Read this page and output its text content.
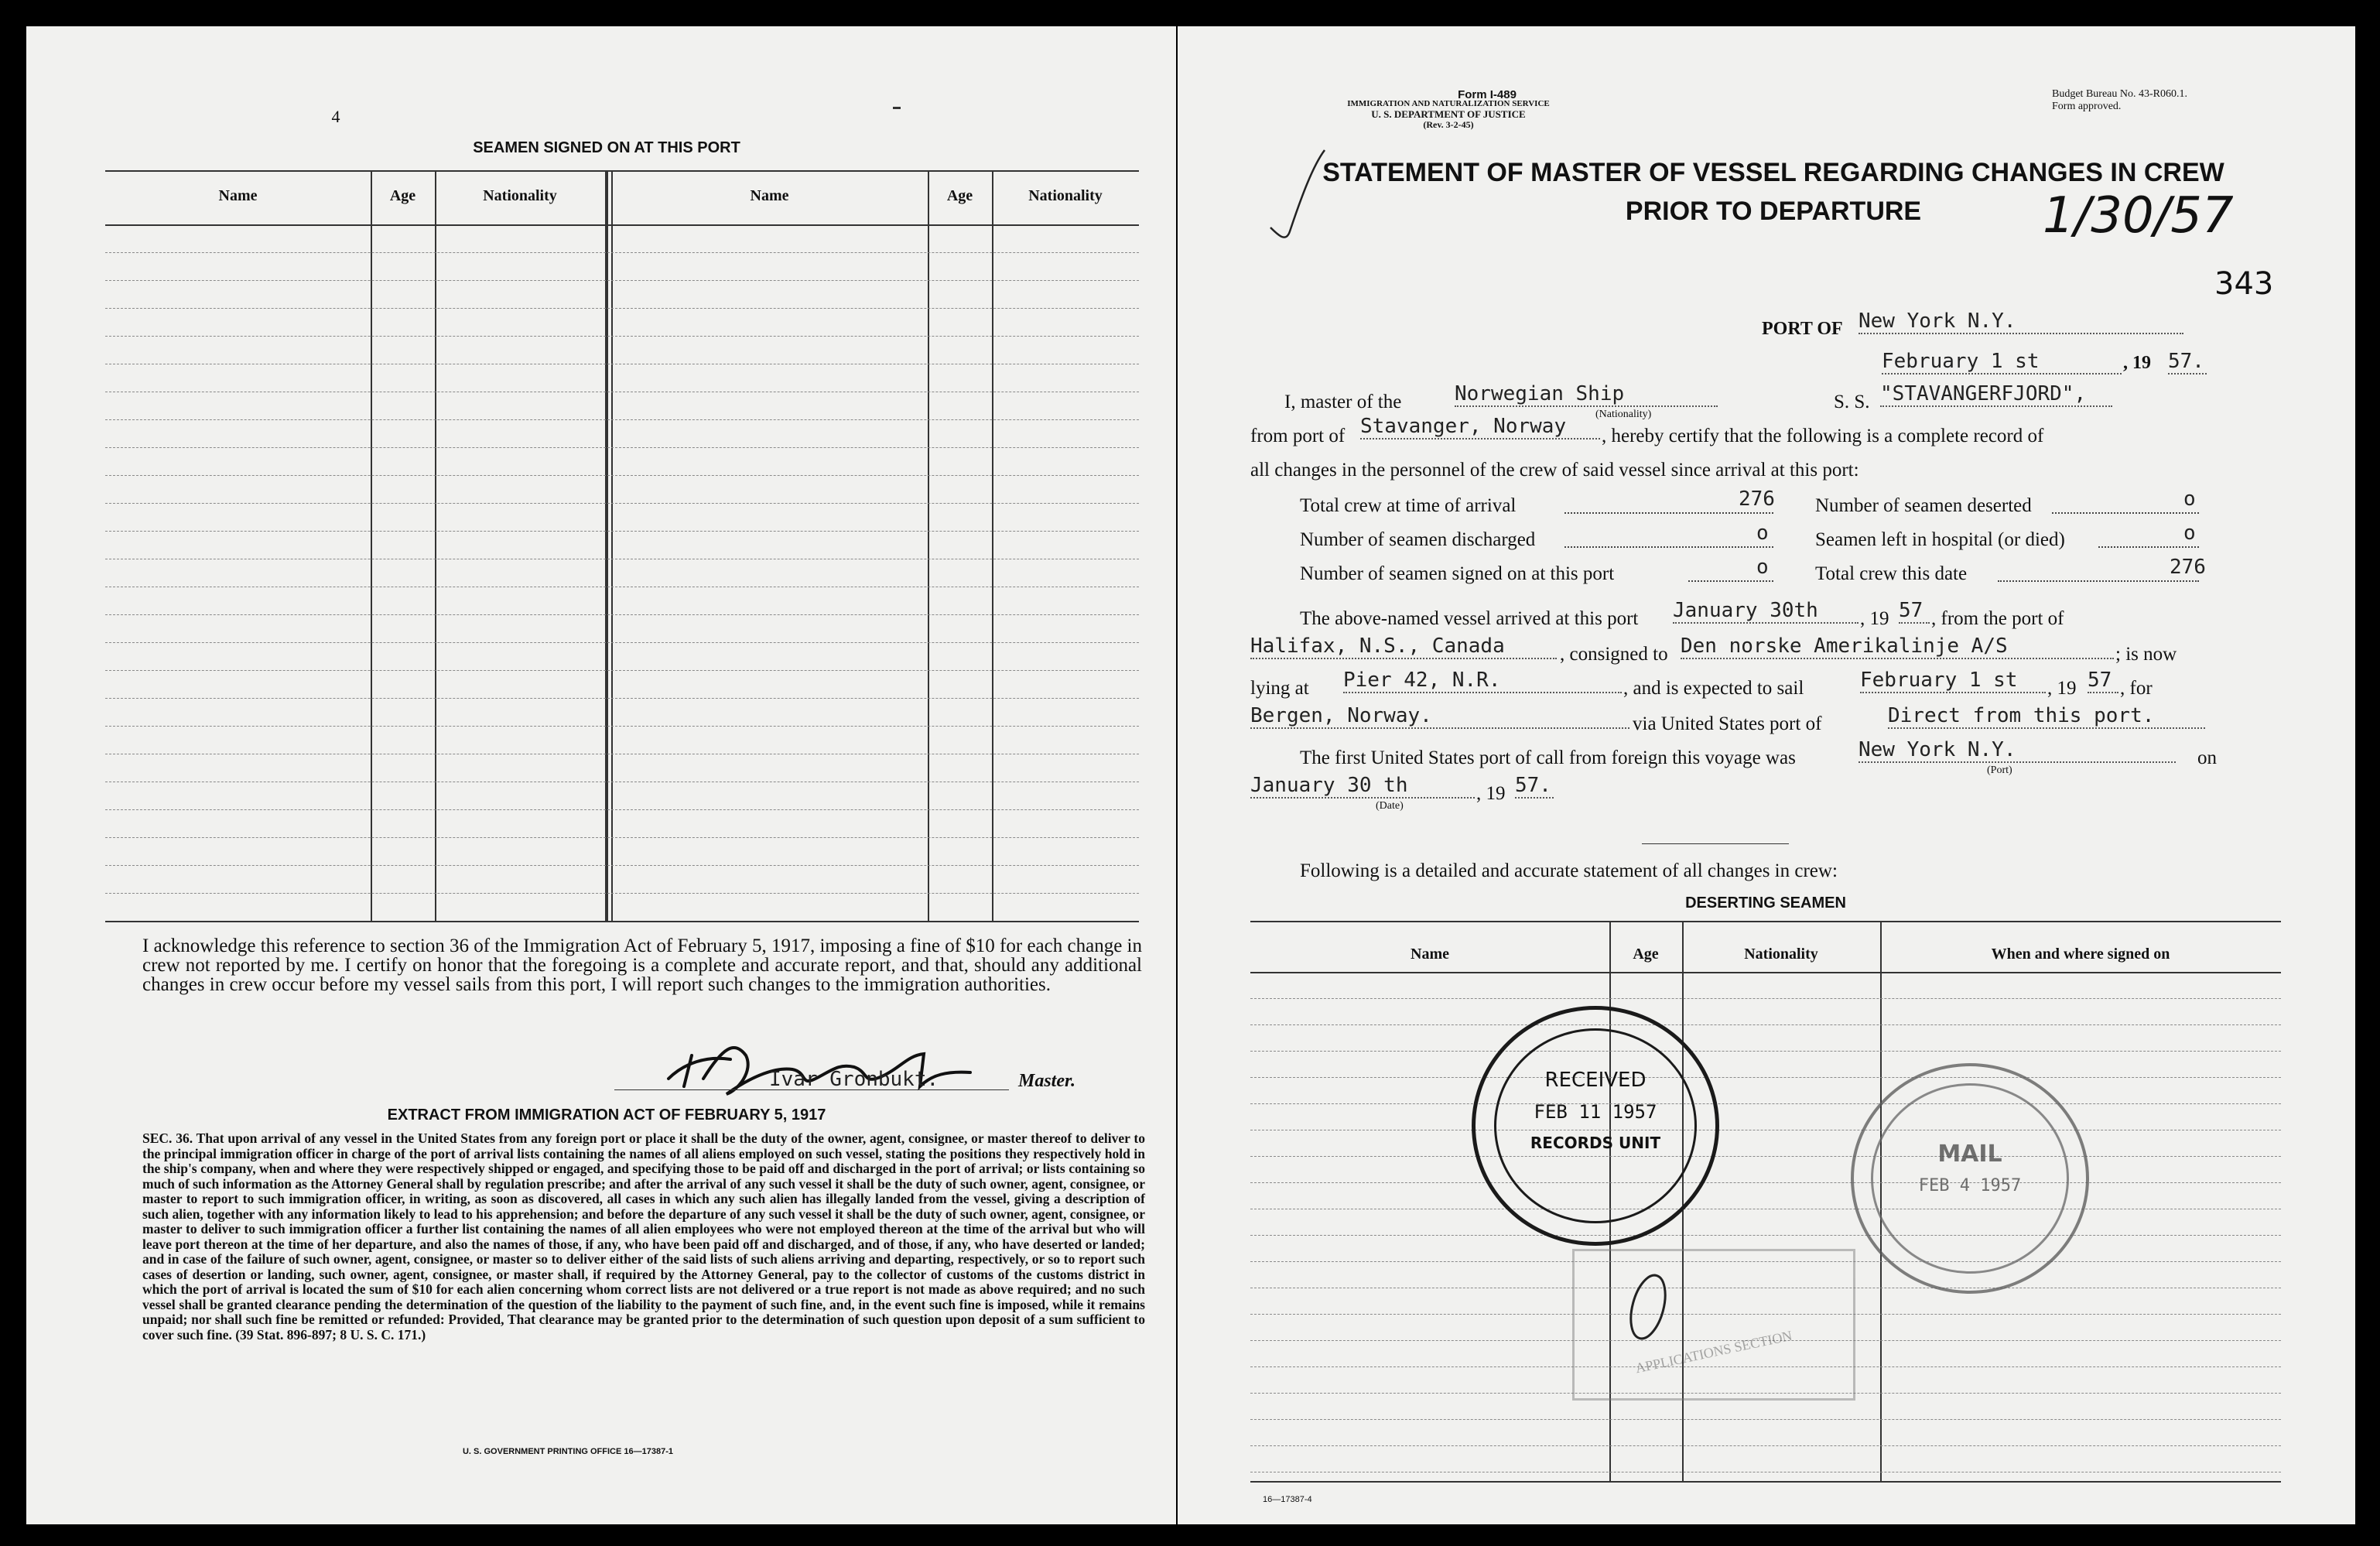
4
SEAMEN SIGNED ON AT THIS PORT
Name	Age	Nationality	Name	Age	Nationality
I acknowledge this reference to section 36 of the Immigration Act of February 5, 1917, imposing a fine of $10 for each change in crew not reported by me. I certify on honor that the foregoing is a complete and accurate report, and that, should any additional changes in crew occur before my vessel sails from this port, I will report such changes to the immigration authorities.
Ivar Gronbukt.	Master.
EXTRACT FROM IMMIGRATION ACT OF FEBRUARY 5, 1917
SEC. 36. That upon arrival of any vessel in the United States from any foreign port or place it shall be the duty of the owner, agent, consignee, or master thereof to deliver to the principal immigration officer in charge of the port of arrival lists containing the names of all aliens employed on such vessel, stating the positions they respectively hold in the ship's company, when and where they were respectively shipped or engaged, and specifying those to be paid off and discharged in the port of arrival; or lists containing so much of such information as the Attorney General shall by regulation prescribe; and after the arrival of any such vessel it shall be the duty of such owner, agent, consignee, or master to report to such immigration officer, in writing, as soon as discovered, all cases in which any such alien has illegally landed from the vessel, giving a description of such alien, together with any information likely to lead to his apprehension; and before the departure of any such vessel it shall be the duty of such owner, agent, consignee, or master to deliver to such immigration officer a further list containing the names of all alien employees who were not employed thereon at the time of the arrival but who will leave port thereon at the time of her departure, and also the names of those, if any, who have been paid off and discharged, and of those, if any, who have deserted or landed; and in case of the failure of such owner, agent, consignee, or master so to deliver either of the said lists of such aliens arriving and departing, respectively, or so to report such cases of desertion or landing, such owner, agent, consignee, or master shall, if required by the Attorney General, pay to the collector of customs of the customs district in which the port of arrival is located the sum of $10 for each alien concerning whom correct lists are not delivered or a true report is not made as above required; and no such vessel shall be granted clearance pending the determination of the question of the liability to the payment of such fine, and, in the event such fine is imposed, while it remains unpaid; nor shall such fine be remitted or refunded: Provided, That clearance may be granted prior to the determination of such question upon deposit of a sum sufficient to cover such fine. (39 Stat. 896-897; 8 U. S. C. 171.)
U. S. GOVERNMENT PRINTING OFFICE 16—17387-1
Form I-489
IMMIGRATION AND NATURALIZATION SERVICE
U. S. DEPARTMENT OF JUSTICE
(Rev. 3-2-45)
Budget Bureau No. 43-R060.1.
Form approved.
STATEMENT OF MASTER OF VESSEL REGARDING CHANGES IN CREW
PRIOR TO DEPARTURE	1/30/57
343
PORT OF New York N.Y.
February 1 st	, 19 57.
I, master of the	Norwegian Ship
(Nationality)
S. S. "STAVANGERFJORD",
from port of Stavanger, Norway	, hereby certify that the following is a complete record of
all changes in the personnel of the crew of said vessel since arrival at this port:
Total crew at time of arrival	276 Number of seamen deserted	o
Number of seamen discharged	o Seamen left in hospital (or died)	o
Number of seamen signed on at this port	o Total crew this date	276
The above-named vessel arrived at this port January 30th	, 19 57 , from the port of
Halifax, N.S., Canada	, consigned to Den norske Amerikalinje A/S	; is now
lying at Pier 42, N.R.	, and is expected to sail	February 1 st	, 19 57 , for
Bergen, Norway.	via United States port of	Direct from this port.
The first United States port of call from foreign this voyage was	New York N.Y.
(Port)
on
January 30 th	, 19 57.
(Date)
Following is a detailed and accurate statement of all changes in crew:
DESERTING SEAMEN
Name	Age	Nationality	When and where signed on
RECEIVED
FEB 11 1957
RECORDS UNIT	MAIL
FEB 4 1957
APPLICATIONS SECTION
16—17387-4
